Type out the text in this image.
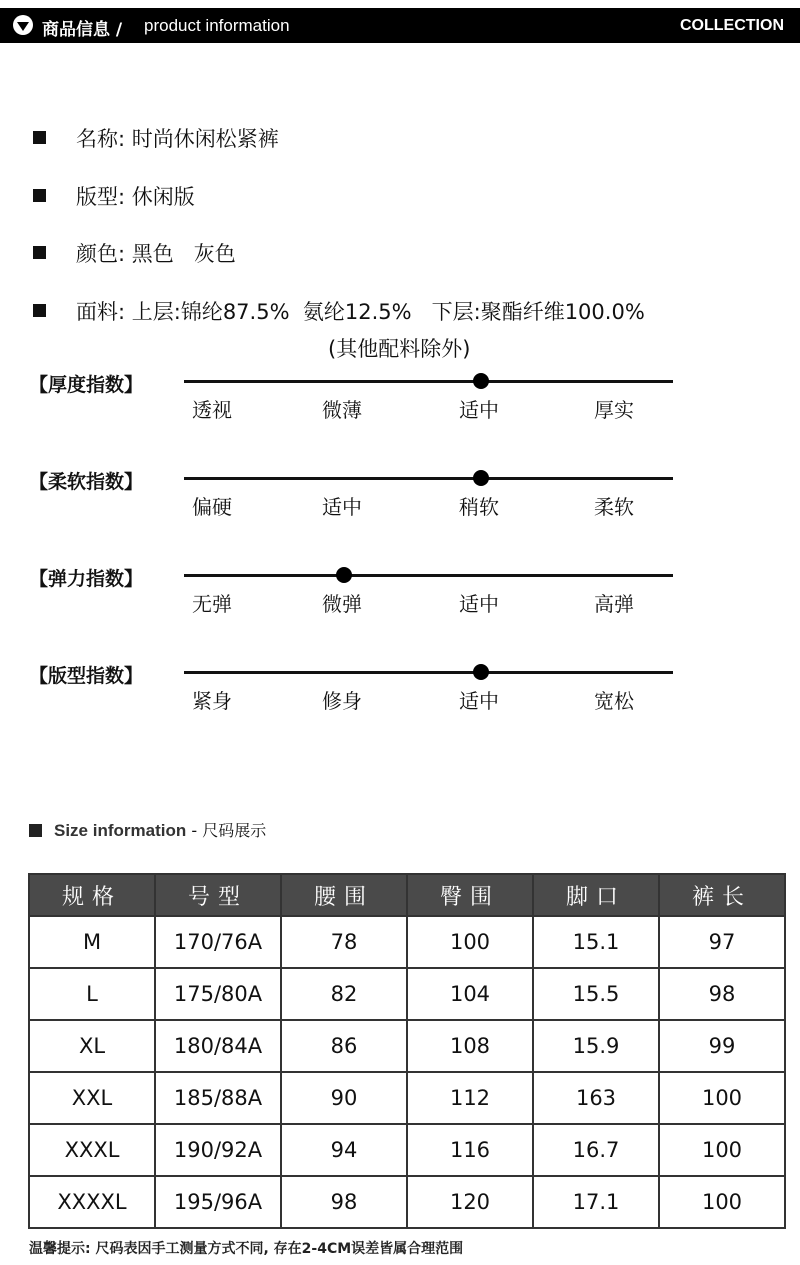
商品信息 / product information	COLLECTION
名称: 时尚休闲松紧裤
版型: 休闲版
颜色: 黑色   灰色
面料: 上层:锦纶87.5%  氨纶12.5%   下层:聚酯纤维100.0%
(其他配料除外)
【厚度指数】
透视	微薄	适中	厚实
【柔软指数】
偏硬	适中	稍软	柔软
【弹力指数】
无弹	微弹	适中	高弹
【版型指数】
紧身	修身	适中	宽松
Size information - 尺码展示
规格	号型	腰围	臀围	脚口	裤长
M	170/76A	78	100	15.1	97
L	175/80A	82	104	15.5	98
XL	180/84A	86	108	15.9	99
XXL	185/88A	90	112	163	100
XXXL	190/92A	94	116	16.7	100
XXXXL	195/96A	98	120	17.1	100
温馨提示: 尺码表因手工测量方式不同, 存在2-4CM误差皆属合理范围
